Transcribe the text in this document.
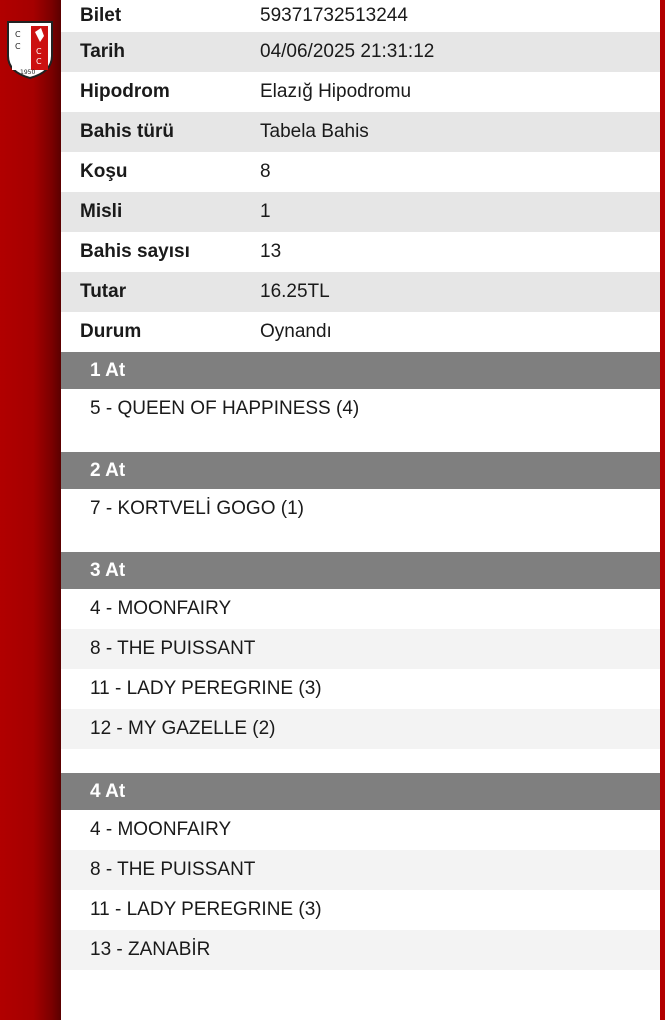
C
C
C
C
1950
Bilet	59371732513244
Tarih	04/06/2025 21:31:12
Hipodrom	Elazığ Hipodromu
Bahis türü	Tabela Bahis
Koşu	8
Misli	1
Bahis sayısı	13
Tutar	16.25TL
Durum	Oynandı
1 At
5 - QUEEN OF HAPPINESS (4)
2 At
7 - KORTVELİ GOGO (1)
3 At
4 - MOONFAIRY
8 - THE PUISSANT
11 - LADY PEREGRINE (3)
12 - MY GAZELLE (2)
4 At
4 - MOONFAIRY
8 - THE PUISSANT
11 - LADY PEREGRINE (3)
13 - ZANABİR
